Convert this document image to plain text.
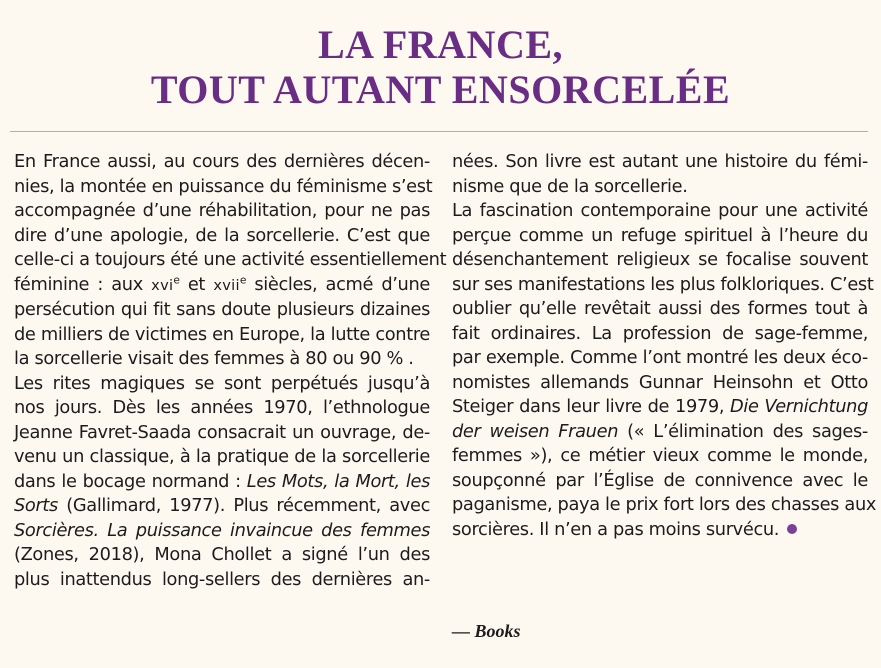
LA FRANCE,
TOUT AUTANT ENSORCELÉE
En France aussi, au cours des dernières décen-
nies, la montée en puissance du féminisme s’est
accompagnée d’une réhabilitation, pour ne pas
dire d’une apologie, de la sorcellerie. C’est que
celle-ci a toujours été une activité essentiellement
féminine : aux xvi$^e$ et xvii$^e$ siècles, acmé d’une
persécution qui fit sans doute plusieurs dizaines
de milliers de victimes en Europe, la lutte contre
la sorcellerie visait des femmes à 80 ou 90 % .
Les rites magiques se sont perpétués jusqu’à
nos jours. Dès les années 1970, l’ethnologue
Jeanne Favret-Saada consacrait un ouvrage, de-
venu un classique, à la pratique de la sorcellerie
dans le bocage normand : Les Mots, la Mort, les
Sorts (Gallimard, 1977). Plus récemment, avec
Sorcières. La puissance invaincue des femmes
(Zones, 2018), Mona Chollet a signé l’un des
plus inattendus long-sellers des dernières an-
nées. Son livre est autant une histoire du fémi-
nisme que de la sorcellerie.
La fascination contemporaine pour une activité
perçue comme un refuge spirituel à l’heure du
désenchantement religieux se focalise souvent
sur ses manifestations les plus folkloriques. C’est
oublier qu’elle revêtait aussi des formes tout à
fait ordinaires. La profession de sage-femme,
par exemple. Comme l’ont montré les deux éco-
nomistes allemands Gunnar Heinsohn et Otto
Steiger dans leur livre de 1979, Die Vernichtung
der weisen Frauen (« L’élimination des sages-
femmes »), ce métier vieux comme le monde,
soupçonné par l’Église de connivence avec le
paganisme, paya le prix fort lors des chasses aux
sorcières. Il n’en a pas moins survécu.
— Books
